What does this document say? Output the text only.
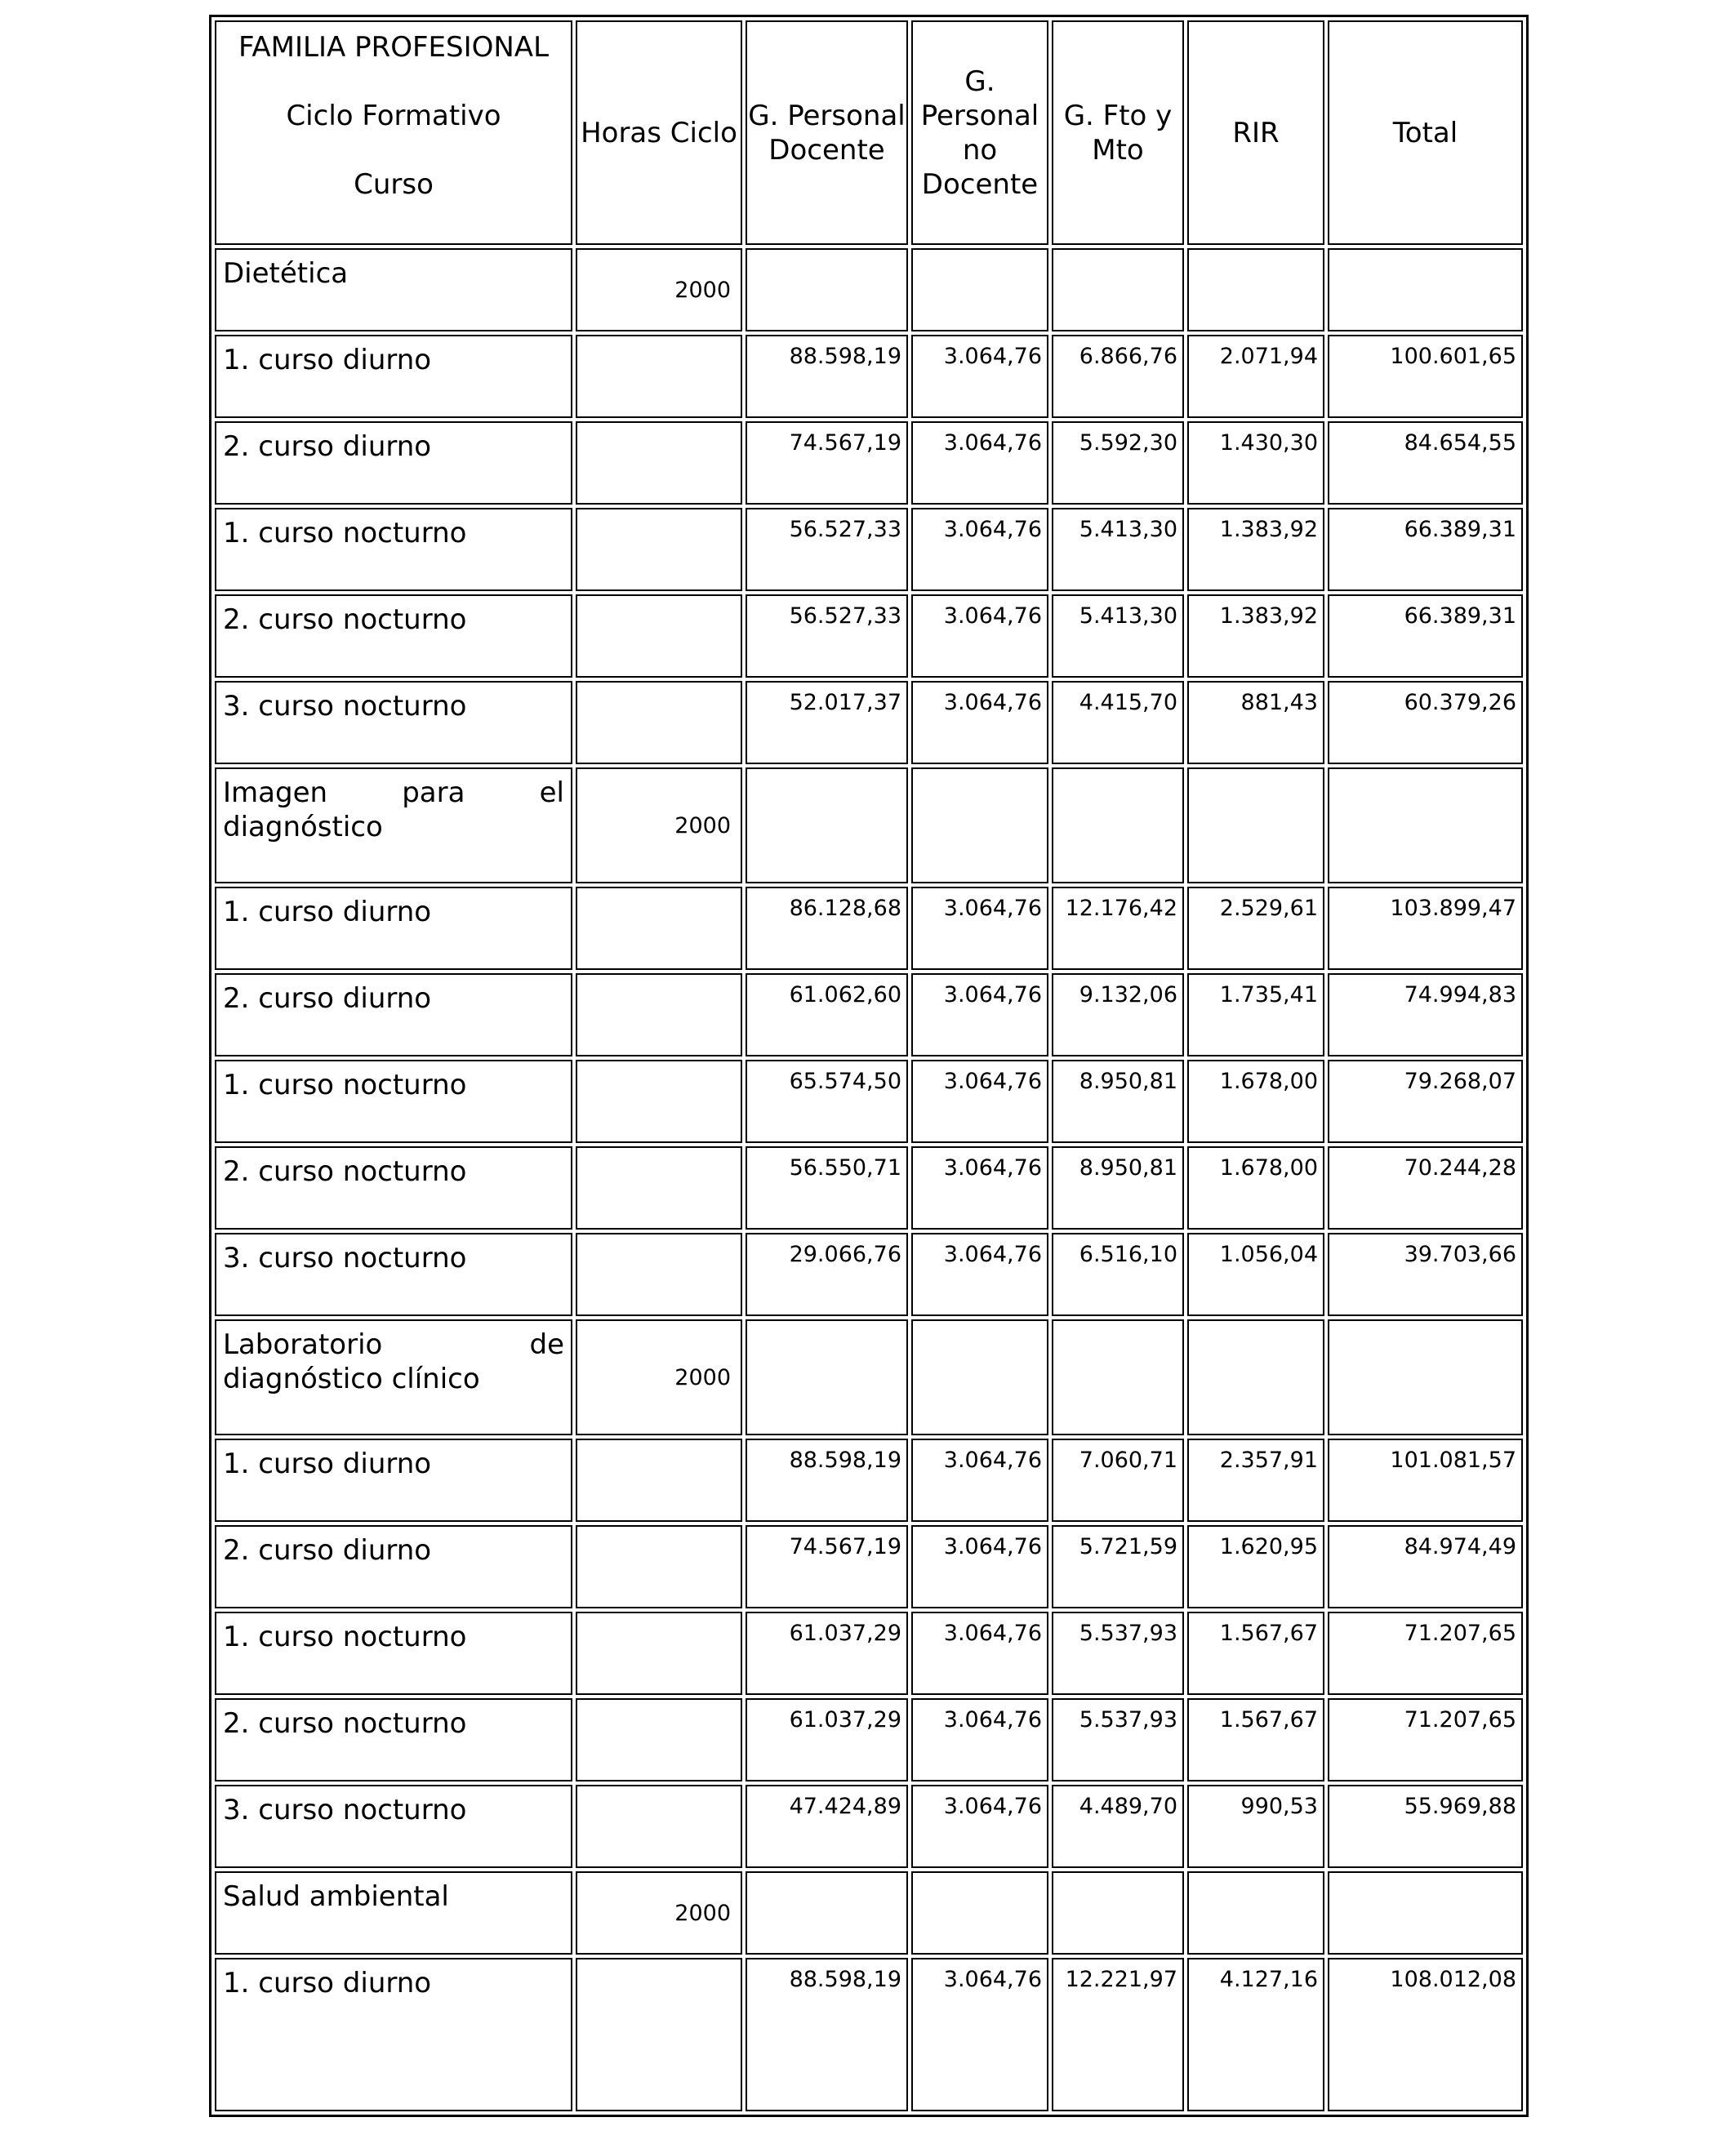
FAMILIA PROFESIONAL
Ciclo Formativo
Curso	Horas Ciclo	G. Personal Docente	G. Personal no Docente	G. Fto y Mto	RIR	Total
Dietética	2000					
1. curso diurno		88.598,19	3.064,76	6.866,76	2.071,94	100.601,65
2. curso diurno		74.567,19	3.064,76	5.592,30	1.430,30	84.654,55
1. curso nocturno		56.527,33	3.064,76	5.413,30	1.383,92	66.389,31
2. curso nocturno		56.527,33	3.064,76	5.413,30	1.383,92	66.389,31
3. curso nocturno		52.017,37	3.064,76	4.415,70	881,43	60.379,26
Imagen para el diagnóstico	2000					
1. curso diurno		86.128,68	3.064,76	12.176,42	2.529,61	103.899,47
2. curso diurno		61.062,60	3.064,76	9.132,06	1.735,41	74.994,83
1. curso nocturno		65.574,50	3.064,76	8.950,81	1.678,00	79.268,07
2. curso nocturno		56.550,71	3.064,76	8.950,81	1.678,00	70.244,28
3. curso nocturno		29.066,76	3.064,76	6.516,10	1.056,04	39.703,66
Laboratorio de diagnóstico clínico	2000					
1. curso diurno		88.598,19	3.064,76	7.060,71	2.357,91	101.081,57
2. curso diurno		74.567,19	3.064,76	5.721,59	1.620,95	84.974,49
1. curso nocturno		61.037,29	3.064,76	5.537,93	1.567,67	71.207,65
2. curso nocturno		61.037,29	3.064,76	5.537,93	1.567,67	71.207,65
3. curso nocturno		47.424,89	3.064,76	4.489,70	990,53	55.969,88
Salud ambiental	2000					
1. curso diurno		88.598,19	3.064,76	12.221,97	4.127,16	108.012,08
